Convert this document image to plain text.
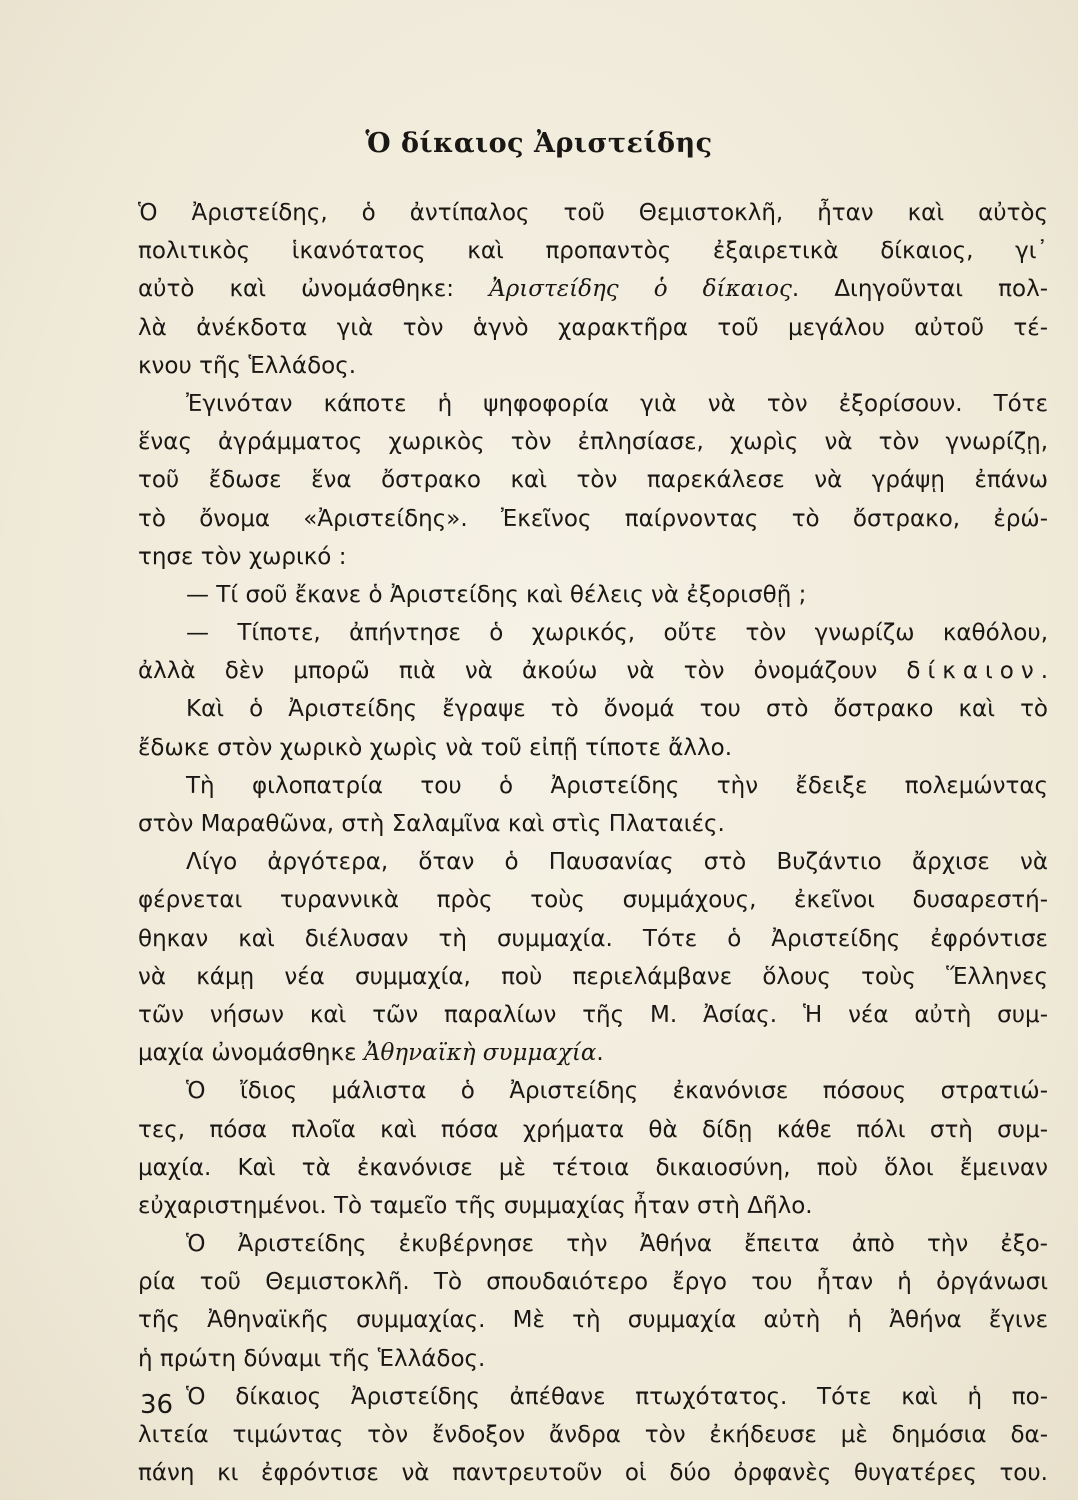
Ὁ δίκαιος Ἀριστείδης
Ὁ Ἀριστείδης, ὁ ἀντίπαλος τοῦ Θεμιστοκλῆ, ἦταν καὶ αὐτὸς
πολιτικὸς ἱκανότατος καὶ προπαντὸς ἐξαιρετικὰ δίκαιος, γι᾿
αὐτὸ καὶ ὠνομάσθηκε: Ἀριστείδης ὁ δίκαιος. Διηγοῦνται πολ-
λὰ ἀνέκδοτα γιὰ τὸν ἁγνὸ χαρακτῆρα τοῦ μεγάλου αὐτοῦ τέ-
κνου τῆς Ἑλλάδος.
Ἐγινόταν κάποτε ἡ ψηφοφορία γιὰ νὰ τὸν ἐξορίσουν. Τότε
ἕνας ἀγράμματος χωρικὸς τὸν ἐπλησίασε, χωρὶς νὰ τὸν γνωρίζῃ,
τοῦ ἔδωσε ἕνα ὄστρακο καὶ τὸν παρεκάλεσε νὰ γράψῃ ἐπάνω
τὸ ὄνομα «Ἀριστείδης». Ἐκεῖνος παίρνοντας τὸ ὄστρακο, ἐρώ-
τησε τὸν χωρικό :
— Τί σοῦ ἔκανε ὁ Ἀριστείδης καὶ θέλεις νὰ ἐξορισθῇ ;
— Τίποτε, ἀπήντησε ὁ χωρικός, οὔτε τὸν γνωρίζω καθόλου,
ἀλλὰ δὲν μπορῶ πιὰ νὰ ἀκούω νὰ τὸν ὀνομάζουν δίκαιον.
Καὶ ὁ Ἀριστείδης ἔγραψε τὸ ὄνομά του στὸ ὄστρακο καὶ τὸ
ἔδωκε στὸν χωρικὸ χωρὶς νὰ τοῦ εἰπῇ τίποτε ἄλλο.
Τὴ φιλοπατρία του ὁ Ἀριστείδης τὴν ἔδειξε πολεμώντας
στὸν Μαραθῶνα, στὴ Σαλαμῖνα καὶ στὶς Πλαταιές.
Λίγο ἀργότερα, ὅταν ὁ Παυσανίας στὸ Βυζάντιο ἄρχισε νὰ
φέρνεται τυραννικὰ πρὸς τοὺς συμμάχους, ἐκεῖνοι δυσαρεστή-
θηκαν καὶ διέλυσαν τὴ συμμαχία. Τότε ὁ Ἀριστείδης ἐφρόντισε
νὰ κάμῃ νέα συμμαχία, ποὺ περιελάμβανε ὅλους τοὺς Ἕλληνες
τῶν νήσων καὶ τῶν παραλίων τῆς Μ. Ἀσίας. Ἡ νέα αὐτὴ συμ-
μαχία ὠνομάσθηκε Ἀθηναϊκὴ συμμαχία.
Ὁ ἴδιος μάλιστα ὁ Ἀριστείδης ἐκανόνισε πόσους στρατιώ-
τες, πόσα πλοῖα καὶ πόσα χρήματα θὰ δίδῃ κάθε πόλι στὴ συμ-
μαχία. Καὶ τὰ ἐκανόνισε μὲ τέτοια δικαιοσύνη, ποὺ ὅλοι ἔμειναν
εὐχαριστημένοι. Τὸ ταμεῖο τῆς συμμαχίας ἦταν στὴ Δῆλο.
Ὁ Ἀριστείδης ἐκυβέρνησε τὴν Ἀθήνα ἔπειτα ἀπὸ τὴν ἐξο-
ρία τοῦ Θεμιστοκλῆ. Τὸ σπουδαιότερο ἔργο του ἦταν ἡ ὀργάνωσι
τῆς Ἀθηναϊκῆς συμμαχίας. Μὲ τὴ συμμαχία αὐτὴ ἡ Ἀθήνα ἔγινε
ἡ πρώτη δύναμι τῆς Ἑλλάδος.
Ὁ δίκαιος Ἀριστείδης ἀπέθανε πτωχότατος. Τότε καὶ ἡ πο-
λιτεία τιμώντας τὸν ἔνδοξον ἄνδρα τὸν ἐκήδευσε μὲ δημόσια δα-
πάνη κι ἐφρόντισε νὰ παντρευτοῦν οἱ δύο ὀρφανὲς θυγατέρες του.
36
